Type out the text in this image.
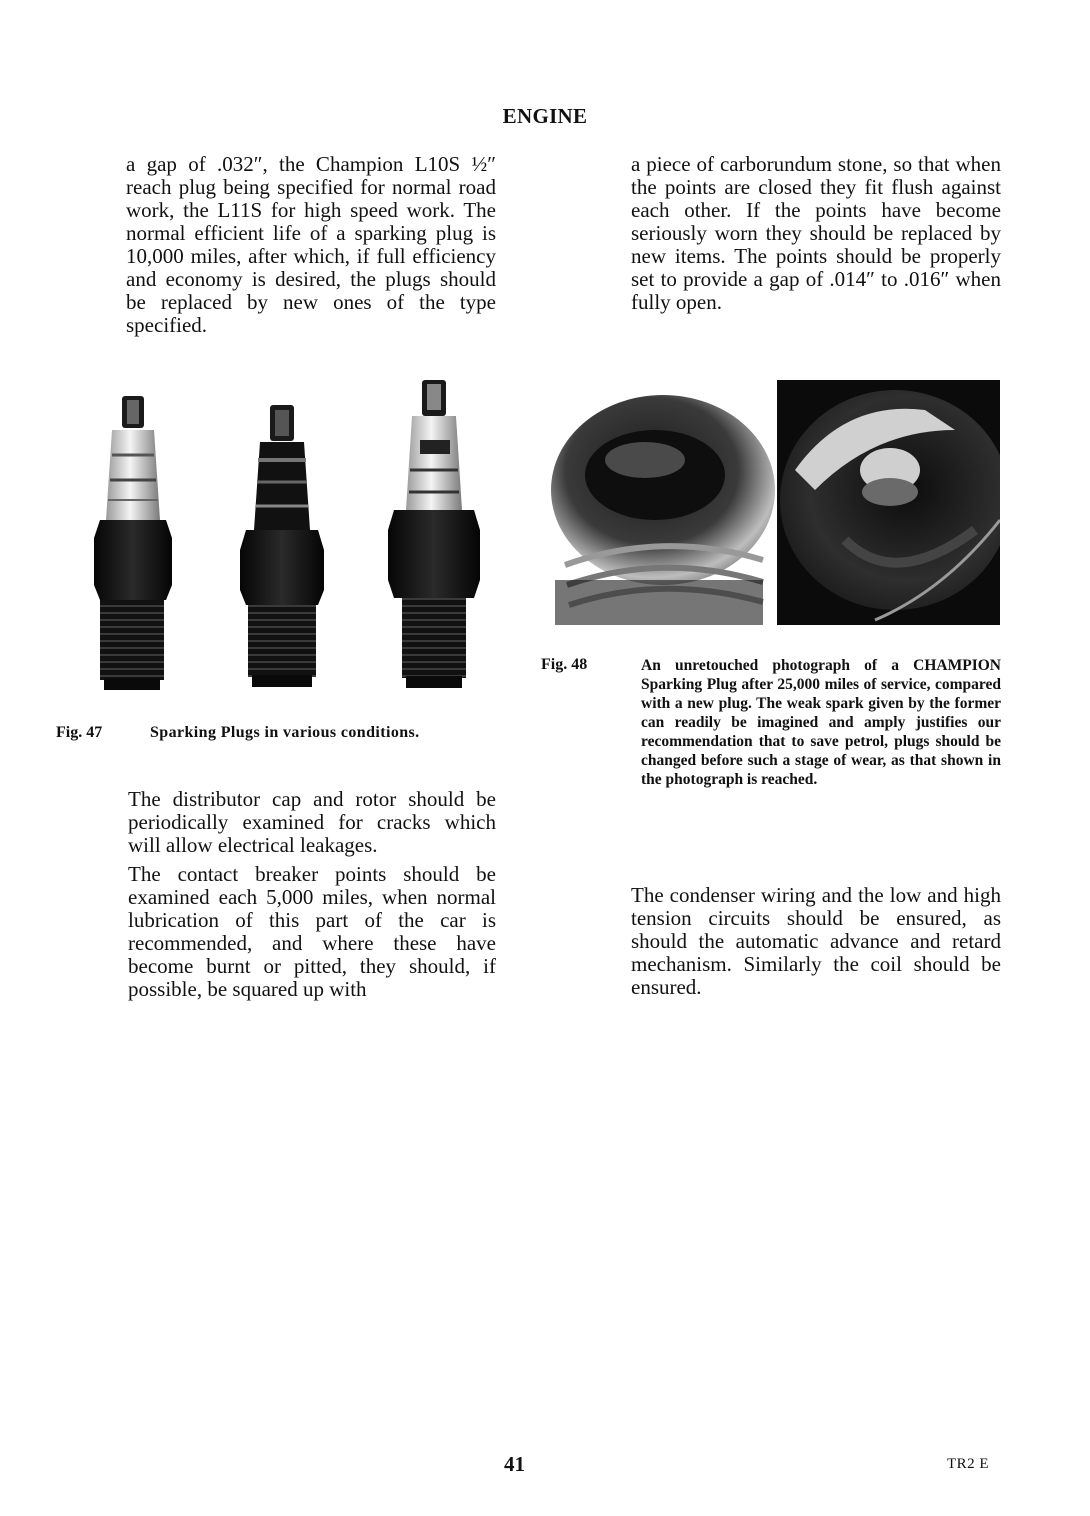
ENGINE

a gap of .032″, the Champion L10S ½″ reach plug being specified for normal road work, the L11S for high speed work. The normal efficient life of a sparking plug is 10,000 miles, after which, if full efficiency and economy is desired, the plugs should be replaced by new ones of the type specified.

a piece of carborundum stone, so that when the points are closed they fit flush against each other. If the points have become seriously worn they should be replaced by new items. The points should be properly set to provide a gap of .014″ to .016″ when fully open.

Fig. 47	Sparking Plugs in various conditions.
Fig. 48	An unretouched photograph of a CHAMPION Sparking Plug after 25,000 miles of service, compared with a new plug. The weak spark given by the former can readily be imagined and amply justifies our recommendation that to save petrol, plugs should be changed before such a stage of wear, as that shown in the photograph is reached.

The distributor cap and rotor should be periodically examined for cracks which will allow electrical leakages.

The contact breaker points should be examined each 5,000 miles, when normal lubrication of this part of the car is recommended, and where these have become burnt or pitted, they should, if possible, be squared up with

The condenser wiring and the low and high tension circuits should be ensured, as should the automatic advance and retard mechanism. Similarly the coil should be ensured.

41	TR2 E
